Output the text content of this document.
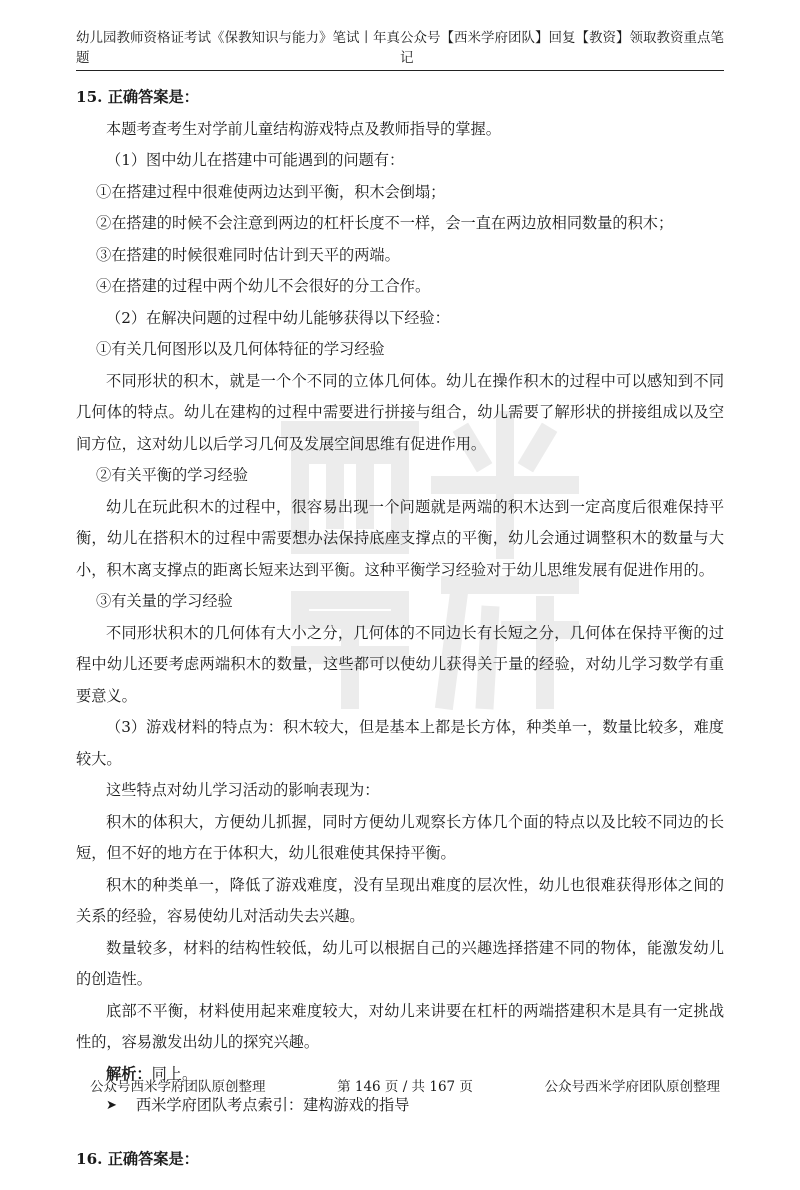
幼儿园教师资格证考试《保教知识与能力》笔试丨年真题
公众号【西米学府团队】回复【教资】领取教资重点笔记

15. 正确答案是：

本题考查考生对学前儿童结构游戏特点及教师指导的掌握。

（1）图中幼儿在搭建中可能遇到的问题有：

①在搭建过程中很难使两边达到平衡，积木会倒塌；

②在搭建的时候不会注意到两边的杠杆长度不一样，会一直在两边放相同数量的积木；

③在搭建的时候很难同时估计到天平的两端。

④在搭建的过程中两个幼儿不会很好的分工合作。

（2）在解决问题的过程中幼儿能够获得以下经验：

①有关几何图形以及几何体特征的学习经验

不同形状的积木，就是一个个不同的立体几何体。幼儿在操作积木的过程中可以感知到不同几何体的特点。幼儿在建构的过程中需要进行拼接与组合，幼儿需要了解形状的拼接组成以及空间方位，这对幼儿以后学习几何及发展空间思维有促进作用。

②有关平衡的学习经验

幼儿在玩此积木的过程中，很容易出现一个问题就是两端的积木达到一定高度后很难保持平衡，幼儿在搭积木的过程中需要想办法保持底座支撑点的平衡，幼儿会通过调整积木的数量与大小，积木离支撑点的距离长短来达到平衡。这种平衡学习经验对于幼儿思维发展有促进作用的。

③有关量的学习经验

不同形状积木的几何体有大小之分，几何体的不同边长有长短之分，几何体在保持平衡的过程中幼儿还要考虑两端积木的数量，这些都可以使幼儿获得关于量的经验，对幼儿学习数学有重要意义。

（3）游戏材料的特点为：积木较大，但是基本上都是长方体，种类单一，数量比较多，难度较大。

这些特点对幼儿学习活动的影响表现为：

积木的体积大，方便幼儿抓握，同时方便幼儿观察长方体几个面的特点以及比较不同边的长短，但不好的地方在于体积大，幼儿很难使其保持平衡。

积木的种类单一，降低了游戏难度，没有呈现出难度的层次性，幼儿也很难获得形体之间的关系的经验，容易使幼儿对活动失去兴趣。

数量较多，材料的结构性较低，幼儿可以根据自己的兴趣选择搭建不同的物体，能激发幼儿的创造性。

底部不平衡，材料使用起来难度较大，对幼儿来讲要在杠杆的两端搭建积木是具有一定挑战性的，容易激发出幼儿的探究兴趣。

解析：同上。

➤	西米学府团队考点索引：建构游戏的指导

16. 正确答案是：

公众号西米学府团队原创整理	第 146 页 / 共 167 页	公众号西米学府团队原创整理
